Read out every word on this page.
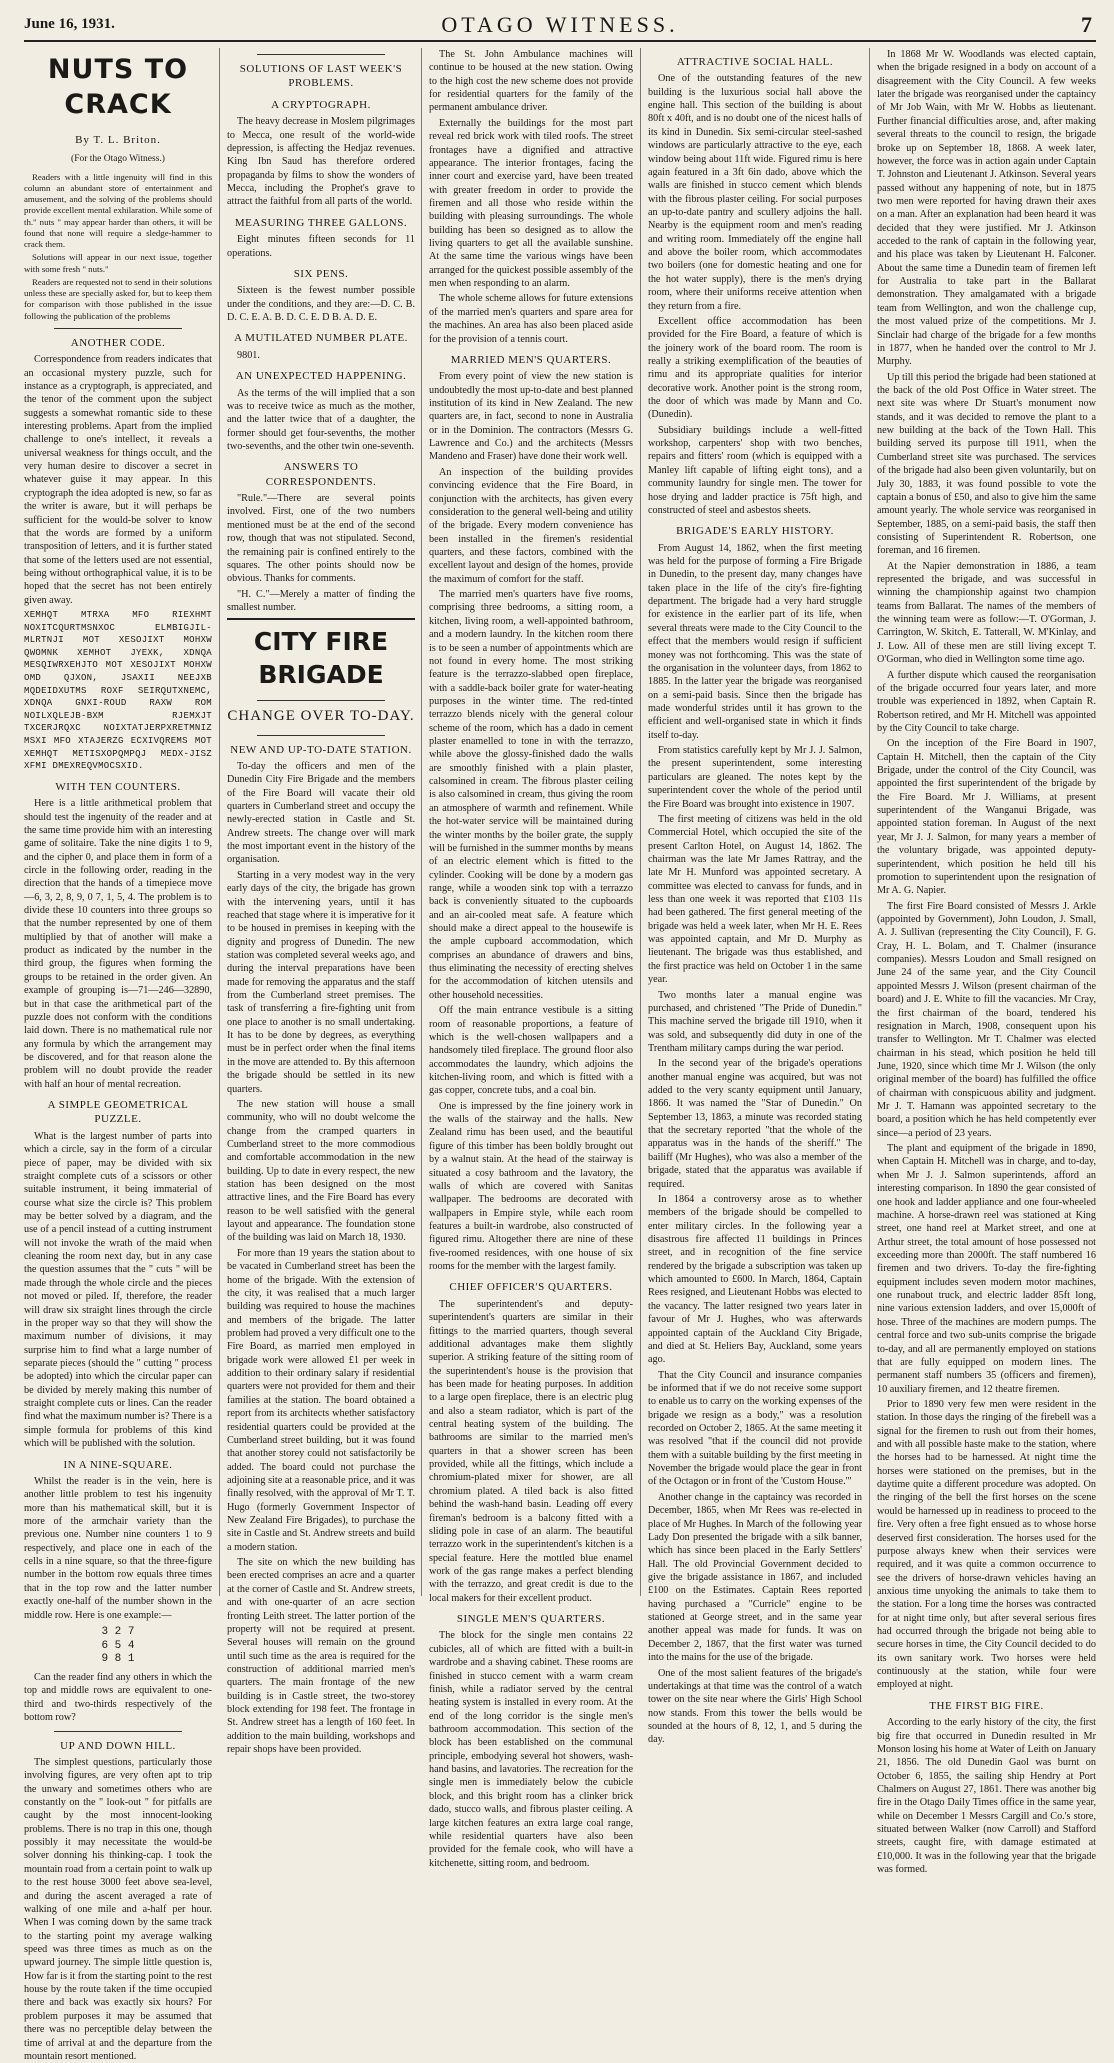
June 16, 1931.	OTAGO WITNESS.	7
NUTS TO CRACK
By T. L. Briton.
(For the Otago Witness.)

Readers with a little ingenuity will find in this column an abundant store of entertainment and amusement, and the solving of the problems should provide excellent mental exhilaration. While some of th." nuts " may appear harder than others, it will be found that none will require a sledge-hammer to crack them.

Solutions will appear in our next issue, together with some fresh " nuts."

Readers are requested not to send in their solutions unless these are specially asked for, but to keep them for comparison with those published in the issue following the publication of the problems

ANOTHER CODE.

Correspondence from readers indicates that an occasional mystery puzzle, such for instance as a cryptograph, is appreciated, and the tenor of the comment upon the subject suggests a somewhat romantic side to these interesting problems. Apart from the implied challenge to one's intellect, it reveals a universal weakness for things occult, and the very human desire to discover a secret in whatever guise it may appear. In this cryptograph the idea adopted is new, so far as the writer is aware, but it will perhaps be sufficient for the would-be solver to know that the words are formed by a uniform transposition of letters, and it is further stated that some of the letters used are not essential, being without orthographical value, it is to be hoped that the secret has not been entirely given away.

XEMHQT MTRXA MFO RIEXHMT NOXITCQURTMSNXOC ELMBIGJIL-MLRTNJI MOT XESOJIXT MOHXW QWOMNK XEMHOT JYEXK, XDNQA MESQIWRXEHJTO MOT XESOJIXT MOHXW OMD QJXON, JSAXII NEEJXB MQDEIDXUTMS ROXF SEIRQUTXNEMC, XDNQA GNXI-ROUD RAXW ROM NOILXQLEJB-BXM RJEMXJT TXCERJRQXC NOIXTATJERPXRETMNIZ MSXI MFO XTAJERZG ECXIVQREMS MOT XEMHQT METISXOPQMPQJ MEDX-JISZ XFMI DMEXREQVMOCSXID.

WITH TEN COUNTERS.

Here is a little arithmetical problem that should test the ingenuity of the reader and at the same time provide him with an interesting game of solitaire. Take the nine digits 1 to 9, and the cipher 0, and place them in form of a circle in the following order, reading in the direction that the hands of a timepiece move—6, 3, 2, 8, 9, 0 7, 1, 5, 4. The problem is to divide these 10 counters into three groups so that the number represented by one of them multiplied by that of another will make a product as indicated by the number in the third group, the figures when forming the groups to be retained in the order given. An example of grouping is—71—246—32890, but in that case the arithmetical part of the puzzle does not conform with the conditions laid down. There is no mathematical rule nor any formula by which the arrangement may be discovered, and for that reason alone the problem will no doubt provide the reader with half an hour of mental recreation.

A SIMPLE GEOMETRICAL PUZZLE.

What is the largest number of parts into which a circle, say in the form of a circular piece of paper, may be divided with six straight complete cuts of a scissors or other suitable instrument, it being immaterial of course what size the circle is? This problem may be better solved by a diagram, and the use of a pencil instead of a cutting instrument will not invoke the wrath of the maid when cleaning the room next day, but in any case the question assumes that the " cuts " will be made through the whole circle and the pieces not moved or piled. If, therefore, the reader will draw six straight lines through the circle in the proper way so that they will show the maximum number of divisions, it may surprise him to find what a large number of separate pieces (should the " cutting " process be adopted) into which the circular paper can be divided by merely making this number of straight complete cuts or lines. Can the reader find what the maximum number is? There is a simple formula for problems of this kind which will be published with the solution.

IN A NINE-SQUARE.

Whilst the reader is in the vein, here is another little problem to test his ingenuity more than his mathematical skill, but it is more of the armchair variety than the previous one. Number nine counters 1 to 9 respectively, and place one in each of the cells in a nine square, so that the three-figure number in the bottom row equals three times that in the top row and the latter number exactly one-half of the number shown in the middle row. Here is one example:—

3 2 7
6 5 4
9 8 1

Can the reader find any others in which the top and middle rows are equivalent to one-third and two-thirds respectively of the bottom row?

UP AND DOWN HILL.

The simplest questions, particularly those involving figures, are very often apt to trip the unwary and sometimes others who are constantly on the " look-out " for pitfalls are caught by the most innocent-looking problems. There is no trap in this one, though possibly it may necessitate the would-be solver donning his thinking-cap. I took the mountain road from a certain point to walk up to the rest house 3000 feet above sea-level, and during the ascent averaged a rate of walking of one mile and a-half per hour. When I was coming down by the same track to the starting point my average walking speed was three times as much as on the upward journey. The simple little question is, How far is it from the starting point to the rest house by the route taken if the time occupied there and back was exactly six hours? For problem purposes it may be assumed that there was no perceptible delay between the time of arrival at and the departure from the mountain resort mentioned.

SOLUTIONS OF LAST WEEK'S PROBLEMS.
A CRYPTOGRAPH.

The heavy decrease in Moslem pilgrimages to Mecca, one result of the world-wide depression, is affecting the Hedjaz revenues. King Ibn Saud has therefore ordered propaganda by films to show the wonders of Mecca, including the Prophet's grave to attract the faithful from all parts of the world.

MEASURING THREE GALLONS.

Eight minutes fifteen seconds for 11 operations.

SIX PENS.

Sixteen is the fewest number possible under the conditions, and they are:—D. C. B. D. C. E. A. B. D. C. E. D B. A. D. E.

A MUTILATED NUMBER PLATE.

9801.

AN UNEXPECTED HAPPENING.

As the terms of the will implied that a son was to receive twice as much as the mother, and the latter twice that of a daughter, the former should get four-sevenths, the mother two-sevenths, and the other twin one-seventh.

ANSWERS TO CORRESPONDENTS.

"Rule."—There are several points involved. First, one of the two numbers mentioned must be at the end of the second row, though that was not stipulated. Second, the remaining pair is confined entirely to the squares. The other points should now be obvious. Thanks for comments.

"H. C."—Merely a matter of finding the smallest number.

CITY FIRE BRIGADE
CHANGE OVER TO-DAY.
NEW AND UP-TO-DATE STATION.

To-day the officers and men of the Dunedin City Fire Brigade and the members of the Fire Board will vacate their old quarters in Cumberland street and occupy the newly-erected station in Castle and St. Andrew streets. The change over will mark the most important event in the history of the organisation.

Starting in a very modest way in the very early days of the city, the brigade has grown with the intervening years, until it has reached that stage where it is imperative for it to be housed in premises in keeping with the dignity and progress of Dunedin. The new station was completed several weeks ago, and during the interval preparations have been made for removing the apparatus and the staff from the Cumberland street premises. The task of transferring a fire-fighting unit from one place to another is no small undertaking. It has to be done by degrees, as everything must be in perfect order when the final items in the move are attended to. By this afternoon the brigade should be settled in its new quarters.

The new station will house a small community, who will no doubt welcome the change from the cramped quarters in Cumberland street to the more commodious and comfortable accommodation in the new building. Up to date in every respect, the new station has been designed on the most attractive lines, and the Fire Board has every reason to be well satisfied with the general layout and appearance. The foundation stone of the building was laid on March 18, 1930.

For more than 19 years the station about to be vacated in Cumberland street has been the home of the brigade. With the extension of the city, it was realised that a much larger building was required to house the machines and members of the brigade. The latter problem had proved a very difficult one to the Fire Board, as married men employed in brigade work were allowed £1 per week in addition to their ordinary salary if residential quarters were not provided for them and their families at the station. The board obtained a report from its architects whether satisfactory residential quarters could be provided at the Cumberland street building, but it was found that another storey could not satisfactorily be added. The board could not purchase the adjoining site at a reasonable price, and it was finally resolved, with the approval of Mr T. T. Hugo (formerly Government Inspector of New Zealand Fire Brigades), to purchase the site in Castle and St. Andrew streets and build a modern station.

The site on which the new building has been erected comprises an acre and a quarter at the corner of Castle and St. Andrew streets, and with one-quarter of an acre section fronting Leith street. The latter portion of the property will not be required at present. Several houses will remain on the ground until such time as the area is required for the construction of additional married men's quarters. The main frontage of the new building is in Castle street, the two-storey block extending for 198 feet. The frontage in St. Andrew street has a length of 160 feet. In addition to the main building, workshops and repair shops have been provided.

The St. John Ambulance machines will continue to be housed at the new station. Owing to the high cost the new scheme does not provide for residential quarters for the family of the permanent ambulance driver.

Externally the buildings for the most part reveal red brick work with tiled roofs. The street frontages have a dignified and attractive appearance. The interior frontages, facing the inner court and exercise yard, have been treated with greater freedom in order to provide the firemen and all those who reside within the building with pleasing surroundings. The whole building has been so designed as to allow the living quarters to get all the available sunshine. At the same time the various wings have been arranged for the quickest possible assembly of the men when responding to an alarm.

The whole scheme allows for future extensions of the married men's quarters and spare area for the machines. An area has also been placed aside for the provision of a tennis court.

MARRIED MEN'S QUARTERS.

From every point of view the new station is undoubtedly the most up-to-date and best planned institution of its kind in New Zealand. The new quarters are, in fact, second to none in Australia or in the Dominion. The contractors (Messrs G. Lawrence and Co.) and the architects (Messrs Mandeno and Fraser) have done their work well.

An inspection of the building provides convincing evidence that the Fire Board, in conjunction with the architects, has given every consideration to the general well-being and utility of the brigade. Every modern convenience has been installed in the firemen's residential quarters, and these factors, combined with the excellent layout and design of the homes, provide the maximum of comfort for the staff.

The married men's quarters have five rooms, comprising three bedrooms, a sitting room, a kitchen, living room, a well-appointed bathroom, and a modern laundry. In the kitchen room there is to be seen a number of appointments which are not found in every home. The most striking feature is the terrazzo-slabbed open fireplace, with a saddle-back boiler grate for water-heating purposes in the winter time. The red-tinted terrazzo blends nicely with the general colour scheme of the room, which has a dado in cement plaster enamelled to tone in with the terrazzo, while above the glossy-finished dado the walls are smoothly finished with a plain plaster, calsomined in cream. The fibrous plaster ceiling is also calsomined in cream, thus giving the room an atmosphere of warmth and refinement. While the hot-water service will be maintained during the winter months by the boiler grate, the supply will be furnished in the summer months by means of an electric element which is fitted to the cylinder. Cooking will be done by a modern gas range, while a wooden sink top with a terrazzo back is conveniently situated to the cupboards and an air-cooled meat safe. A feature which should make a direct appeal to the housewife is the ample cupboard accommodation, which comprises an abundance of drawers and bins, thus eliminating the necessity of erecting shelves for the accommodation of kitchen utensils and other household necessities.

Off the main entrance vestibule is a sitting room of reasonable proportions, a feature of which is the well-chosen wallpapers and a handsomely tiled fireplace. The ground floor also accommodates the laundry, which adjoins the kitchen-living room, and which is fitted with a gas copper, concrete tubs, and a coal bin.

One is impressed by the fine joinery work in the walls of the stairway and the halls. New Zealand rimu has been used, and the beautiful figure of this timber has been boldly brought out by a walnut stain. At the head of the stairway is situated a cosy bathroom and the lavatory, the walls of which are covered with Sanitas wallpaper. The bedrooms are decorated with wallpapers in Empire style, while each room features a built-in wardrobe, also constructed of figured rimu. Altogether there are nine of these five-roomed residences, with one house of six rooms for the member with the largest family.

CHIEF OFFICER'S QUARTERS.

The superintendent's and deputy-superintendent's quarters are similar in their fittings to the married quarters, though several additional advantages make them slightly superior. A striking feature of the sitting room of the superintendent's house is the provision that has been made for heating purposes. In addition to a large open fireplace, there is an electric plug and also a steam radiator, which is part of the central heating system of the building. The bathrooms are similar to the married men's quarters in that a shower screen has been provided, while all the fittings, which include a chromium-plated mixer for shower, are all chromium plated. A tiled back is also fitted behind the wash-hand basin. Leading off every fireman's bedroom is a balcony fitted with a sliding pole in case of an alarm. The beautiful terrazzo work in the superintendent's kitchen is a special feature. Here the mottled blue enamel work of the gas range makes a perfect blending with the terrazzo, and great credit is due to the local makers for their excellent product.

SINGLE MEN'S QUARTERS.

The block for the single men contains 22 cubicles, all of which are fitted with a built-in wardrobe and a shaving cabinet. These rooms are finished in stucco cement with a warm cream finish, while a radiator served by the central heating system is installed in every room. At the end of the long corridor is the single men's bathroom accommodation. This section of the block has been established on the communal principle, embodying several hot showers, wash-hand basins, and lavatories. The recreation for the single men is immediately below the cubicle block, and this bright room has a clinker brick dado, stucco walls, and fibrous plaster ceiling. A large kitchen features an extra large coal range, while residential quarters have also been provided for the female cook, who will have a kitchenette, sitting room, and bedroom.

ATTRACTIVE SOCIAL HALL.

One of the outstanding features of the new building is the luxurious social hall above the engine hall. This section of the building is about 80ft x 40ft, and is no doubt one of the nicest halls of its kind in Dunedin. Six semi-circular steel-sashed windows are particularly attractive to the eye, each window being about 11ft wide. Figured rimu is here again featured in a 3ft 6in dado, above which the walls are finished in stucco cement which blends with the fibrous plaster ceiling. For social purposes an up-to-date pantry and scullery adjoins the hall. Nearby is the equipment room and men's reading and writing room. Immediately off the engine hall and above the boiler room, which accommodates two boilers (one for domestic heating and one for the hot water supply), there is the men's drying room, where their uniforms receive attention when they return from a fire.

Excellent office accommodation has been provided for the Fire Board, a feature of which is the joinery work of the board room. The room is really a striking exemplification of the beauties of rimu and its appropriate qualities for interior decorative work. Another point is the strong room, the door of which was made by Mann and Co. (Dunedin).

Subsidiary buildings include a well-fitted workshop, carpenters' shop with two benches, repairs and fitters' room (which is equipped with a Manley lift capable of lifting eight tons), and a community laundry for single men. The tower for hose drying and ladder practice is 75ft high, and constructed of steel and asbestos sheets.

BRIGADE'S EARLY HISTORY.

From August 14, 1862, when the first meeting was held for the purpose of forming a Fire Brigade in Dunedin, to the present day, many changes have taken place in the life of the city's fire-fighting department. The brigade had a very hard struggle for existence in the earlier part of its life, when several threats were made to the City Council to the effect that the members would resign if sufficient money was not forthcoming. This was the state of the organisation in the volunteer days, from 1862 to 1885. In the latter year the brigade was reorganised on a semi-paid basis. Since then the brigade has made wonderful strides until it has grown to the efficient and well-organised state in which it finds itself to-day.

From statistics carefully kept by Mr J. J. Salmon, the present superintendent, some interesting particulars are gleaned. The notes kept by the superintendent cover the whole of the period until the Fire Board was brought into existence in 1907.

The first meeting of citizens was held in the old Commercial Hotel, which occupied the site of the present Carlton Hotel, on August 14, 1862. The chairman was the late Mr James Rattray, and the late Mr H. Munford was appointed secretary. A committee was elected to canvass for funds, and in less than one week it was reported that £103 11s had been gathered. The first general meeting of the brigade was held a week later, when Mr H. E. Rees was appointed captain, and Mr D. Murphy as lieutenant. The brigade was thus established, and the first practice was held on October 1 in the same year.

Two months later a manual engine was purchased, and christened "The Pride of Dunedin." This machine served the brigade till 1910, when it was sold, and subsequently did duty in one of the Trentham military camps during the war period.

In the second year of the brigade's operations another manual engine was acquired, but was not added to the very scanty equipment until January, 1866. It was named the "Star of Dunedin." On September 13, 1863, a minute was recorded stating that the secretary reported "that the whole of the apparatus was in the hands of the sheriff." The bailiff (Mr Hughes), who was also a member of the brigade, stated that the apparatus was available if required.

In 1864 a controversy arose as to whether members of the brigade should be compelled to enter military circles. In the following year a disastrous fire affected 11 buildings in Princes street, and in recognition of the fine service rendered by the brigade a subscription was taken up which amounted to £600. In March, 1864, Captain Rees resigned, and Lieutenant Hobbs was elected to the vacancy. The latter resigned two years later in favour of Mr J. Hughes, who was afterwards appointed captain of the Auckland City Brigade, and died at St. Heliers Bay, Auckland, some years ago.

That the City Council and insurance companies be informed that if we do not receive some support to enable us to carry on the working expenses of the brigade we resign as a body," was a resolution recorded on October 2, 1865. At the same meeting it was resolved "that if the council did not provide them with a suitable building by the first meeting in November the brigade would place the gear in front of the Octagon or in front of the 'Custom House.'"

Another change in the captaincy was recorded in December, 1865, when Mr Rees was re-elected in place of Mr Hughes. In March of the following year Lady Don presented the brigade with a silk banner, which has since been placed in the Early Settlers' Hall. The old Provincial Government decided to give the brigade assistance in 1867, and included £100 on the Estimates. Captain Rees reported having purchased a "Curricle" engine to be stationed at George street, and in the same year another appeal was made for funds. It was on December 2, 1867, that the first water was turned into the mains for the use of the brigade.

One of the most salient features of the brigade's undertakings at that time was the control of a watch tower on the site near where the Girls' High School now stands. From this tower the bells would be sounded at the hours of 8, 12, 1, and 5 during the day.

In 1868 Mr W. Woodlands was elected captain, when the brigade resigned in a body on account of a disagreement with the City Council. A few weeks later the brigade was reorganised under the captaincy of Mr Job Wain, with Mr W. Hobbs as lieutenant. Further financial difficulties arose, and, after making several threats to the council to resign, the brigade broke up on September 18, 1868. A week later, however, the force was in action again under Captain T. Johnston and Lieutenant J. Atkinson. Several years passed without any happening of note, but in 1875 two men were reported for having drawn their axes on a man. After an explanation had been heard it was decided that they were justified. Mr J. Atkinson acceded to the rank of captain in the following year, and his place was taken by Lieutenant H. Falconer. About the same time a Dunedin team of firemen left for Australia to take part in the Ballarat demonstration. They amalgamated with a brigade team from Wellington, and won the challenge cup, the most valued prize of the competitions. Mr J. Sinclair had charge of the brigade for a few months in 1877, when he handed over the control to Mr J. Murphy.

Up till this period the brigade had been stationed at the back of the old Post Office in Water street. The next site was where Dr Stuart's monument now stands, and it was decided to remove the plant to a new building at the back of the Town Hall. This building served its purpose till 1911, when the Cumberland street site was purchased. The services of the brigade had also been given voluntarily, but on July 30, 1883, it was found possible to vote the captain a bonus of £50, and also to give him the same amount yearly. The whole service was reorganised in September, 1885, on a semi-paid basis, the staff then consisting of Superintendent R. Robertson, one foreman, and 16 firemen.

At the Napier demonstration in 1886, a team represented the brigade, and was successful in winning the championship against two champion teams from Ballarat. The names of the members of the winning team were as follow:—T. O'Gorman, J. Carrington, W. Skitch, E. Tatterall, W. M'Kinlay, and J. Low. All of these men are still living except T. O'Gorman, who died in Wellington some time ago.

A further dispute which caused the reorganisation of the brigade occurred four years later, and more trouble was experienced in 1892, when Captain R. Robertson retired, and Mr H. Mitchell was appointed by the City Council to take charge.

On the inception of the Fire Board in 1907, Captain H. Mitchell, then the captain of the City Brigade, under the control of the City Council, was appointed the first superintendent of the brigade by the Fire Board. Mr J. Williams, at present superintendent of the Wanganui Brigade, was appointed station foreman. In August of the next year, Mr J. J. Salmon, for many years a member of the voluntary brigade, was appointed deputy-superintendent, which position he held till his promotion to superintendent upon the resignation of Mr A. G. Napier.

The first Fire Board consisted of Messrs J. Arkle (appointed by Government), John Loudon, J. Small, A. J. Sullivan (representing the City Council), F. G. Cray, H. L. Bolam, and T. Chalmer (insurance companies). Messrs Loudon and Small resigned on June 24 of the same year, and the City Council appointed Messrs J. Wilson (present chairman of the board) and J. E. White to fill the vacancies. Mr Cray, the first chairman of the board, tendered his resignation in March, 1908, consequent upon his transfer to Wellington. Mr T. Chalmer was elected chairman in his stead, which position he held till June, 1920, since which time Mr J. Wilson (the only original member of the board) has fulfilled the office of chairman with conspicuous ability and judgment. Mr J. T. Hamann was appointed secretary to the board, a position which he has held competently ever since—a period of 23 years.

The plant and equipment of the brigade in 1890, when Captain H. Mitchell was in charge, and to-day, when Mr J. J. Salmon superintends, afford an interesting comparison. In 1890 the gear consisted of one hook and ladder appliance and one four-wheeled machine. A horse-drawn reel was stationed at King street, one hand reel at Market street, and one at Arthur street, the total amount of hose possessed not exceeding more than 2000ft. The staff numbered 16 firemen and two drivers. To-day the fire-fighting equipment includes seven modern motor machines, one runabout truck, and electric ladder 85ft long, nine various extension ladders, and over 15,000ft of hose. Three of the machines are modern pumps. The central force and two sub-units comprise the brigade to-day, and all are permanently employed on stations that are fully equipped on modern lines. The permanent staff numbers 35 (officers and firemen), 10 auxiliary firemen, and 12 theatre firemen.

Prior to 1890 very few men were resident in the station. In those days the ringing of the firebell was a signal for the firemen to rush out from their homes, and with all possible haste make to the station, where the horses had to be harnessed. At night time the horses were stationed on the premises, but in the daytime quite a different procedure was adopted. On the ringing of the bell the first horses on the scene would be harnessed up in readiness to proceed to the fire. Very often a free fight ensued as to whose horse deserved first consideration. The horses used for the purpose always knew when their services were required, and it was quite a common occurrence to see the drivers of horse-drawn vehicles having an anxious time unyoking the animals to take them to the station. For a long time the horses was contracted for at night time only, but after several serious fires had occurred through the brigade not being able to secure horses in time, the City Council decided to do its own sanitary work. Two horses were held continuously at the station, while four were employed at night.

THE FIRST BIG FIRE.

According to the early history of the city, the first big fire that occurred in Dunedin resulted in Mr Monson losing his home at Water of Leith on January 21, 1856. The old Dunedin Gaol was burnt on October 6, 1855, the sailing ship Hendry at Port Chalmers on August 27, 1861. There was another big fire in the Otago Daily Times office in the same year, while on December 1 Messrs Cargill and Co.'s store, situated between Walker (now Carroll) and Stafford streets, caught fire, with damage estimated at £10,000. It was in the following year that the brigade was formed.
